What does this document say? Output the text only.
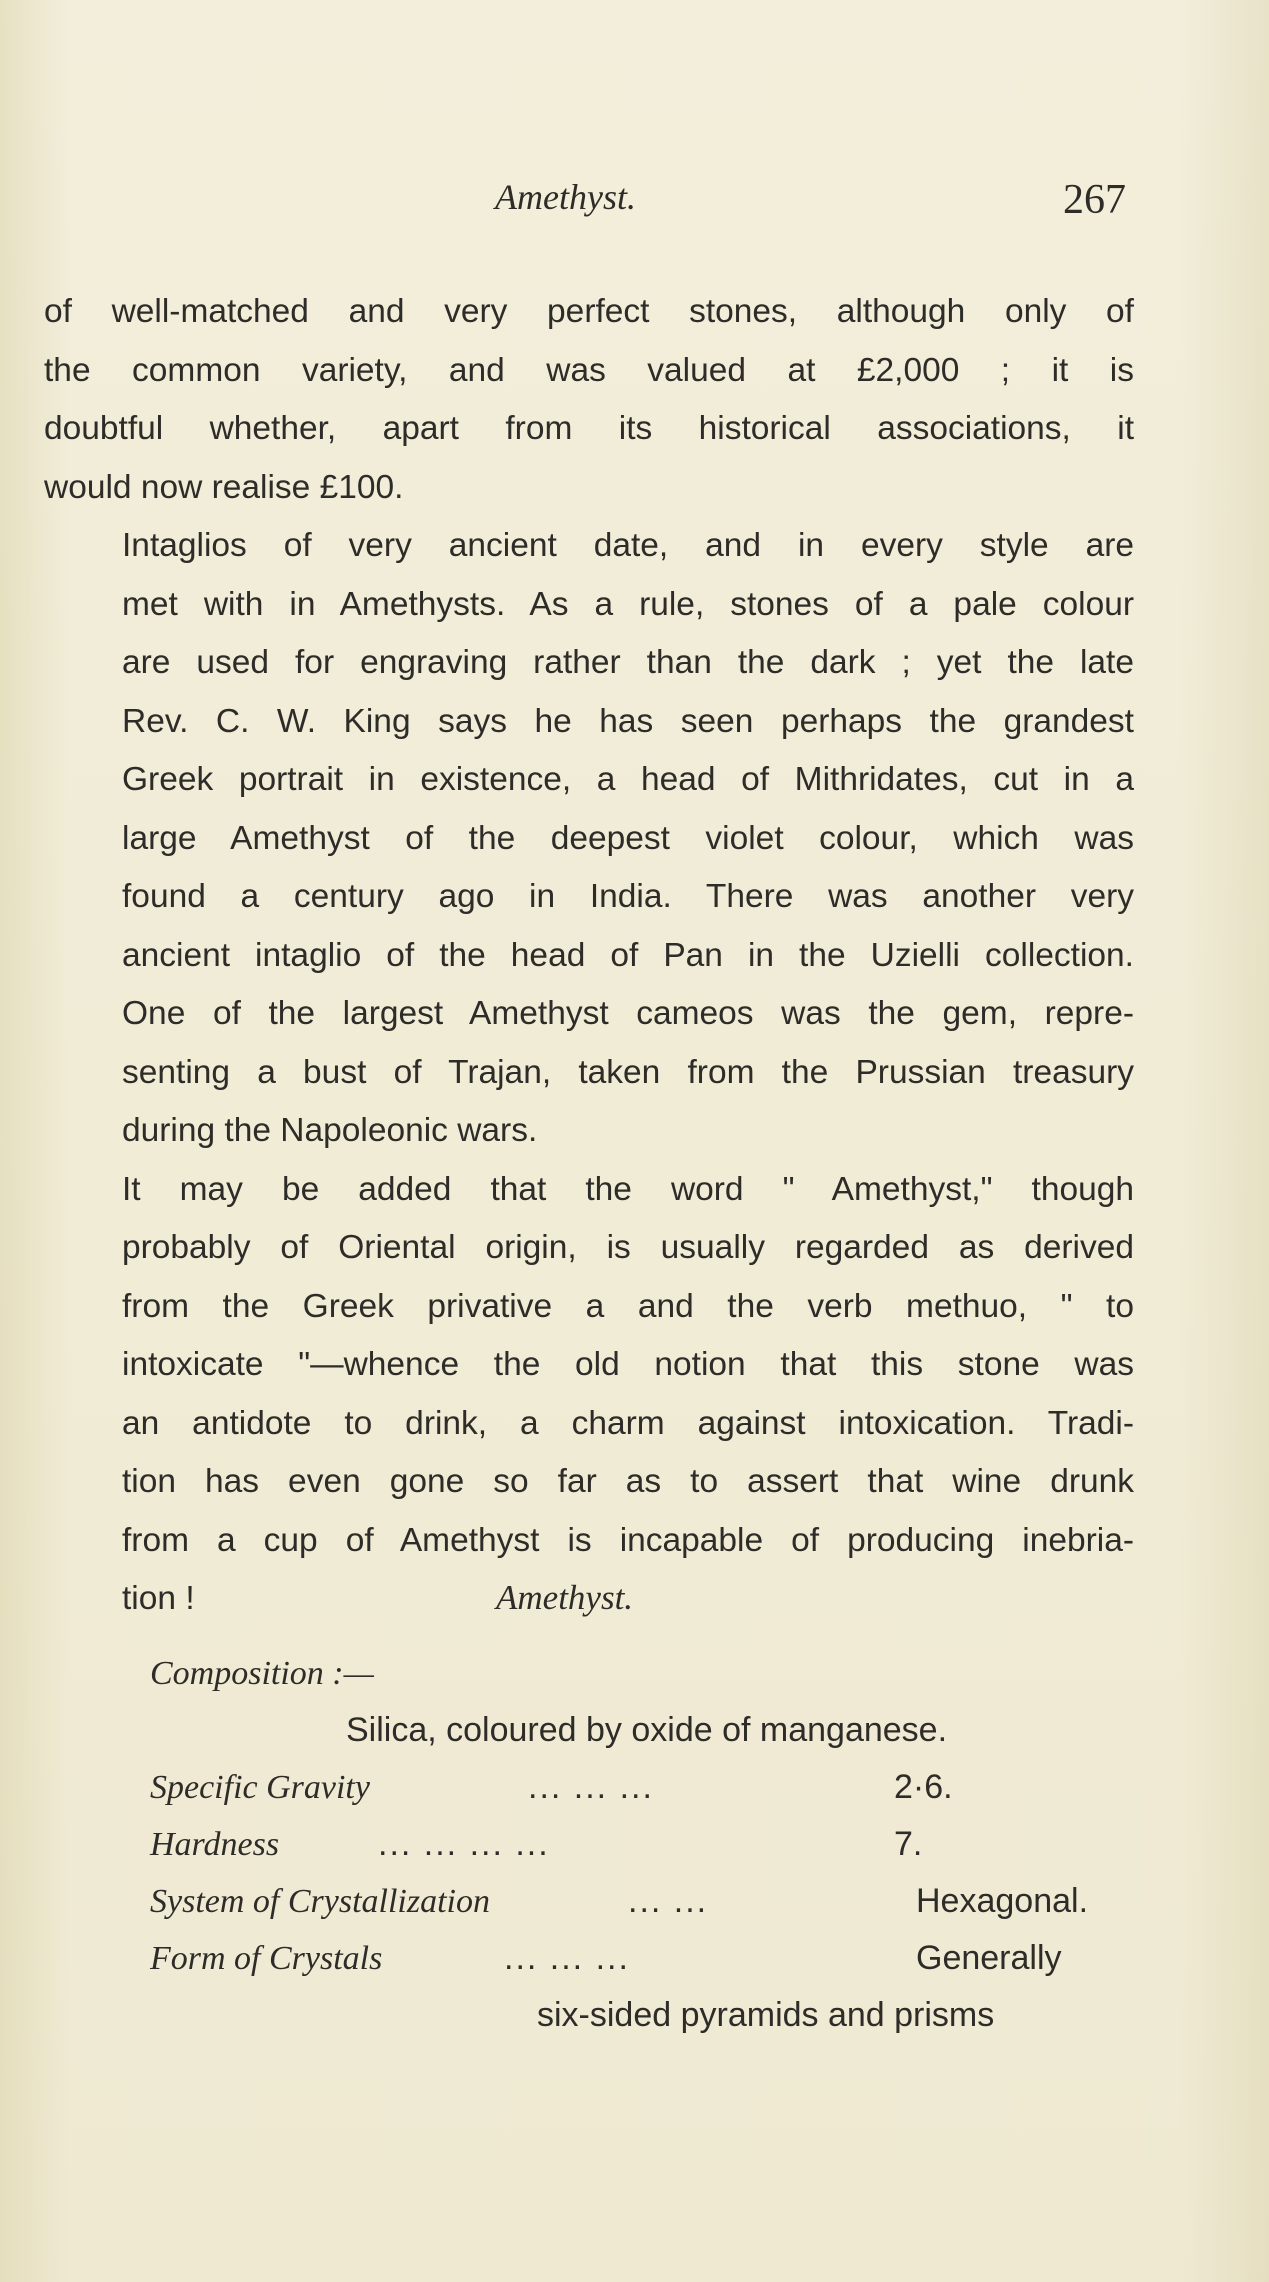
Amethyst.	267

of well-matched and very perfect stones, although only of
the common variety, and was valued at £2,000 ; it is
doubtful whether, apart from its historical associations, it
would now realise £100.

Intaglios of very ancient date, and in every style are
met with in Amethysts. As a rule, stones of a pale colour
are used for engraving rather than the dark ; yet the late
Rev. C. W. King says he has seen perhaps the grandest
Greek portrait in existence, a head of Mithridates, cut in a
large Amethyst of the deepest violet colour, which was
found a century ago in India. There was another very
ancient intaglio of the head of Pan in the Uzielli collection.
One of the largest Amethyst cameos was the gem, repre-
senting a bust of Trajan, taken from the Prussian treasury
during the Napoleonic wars.

It may be added that the word " Amethyst," though
probably of Oriental origin, is usually regarded as derived
from the Greek privative a and the verb methuo, " to
intoxicate "—whence the old notion that this stone was
an antidote to drink, a charm against intoxication. Tradi-
tion has even gone so far as to assert that wine drunk
from a cup of Amethyst is incapable of producing inebria-
tion !	Amethyst.
Composition :—
Silica, coloured by oxide of manganese.
Specific Gravity	... ... ...	2·6.
Hardness	... ... ... ...	7.
System of Crystallization	... ...	Hexagonal.
Form of Crystals	... ... ...	Generally
six-sided pyramids and prisms
